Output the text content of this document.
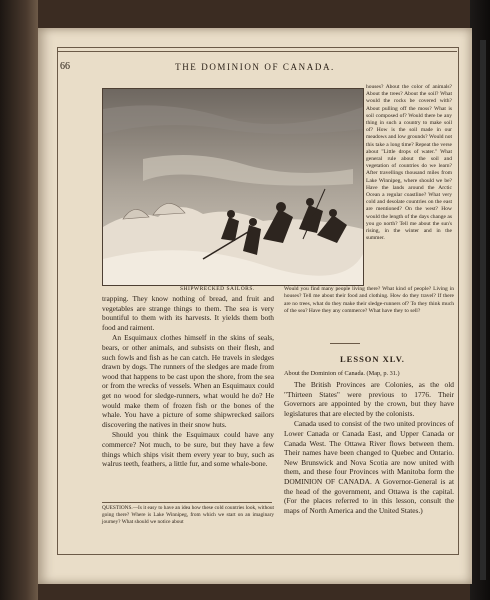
66	THE DOMINION OF CANADA.
SHIPWRECKED SAILORS.
houses? About the color of animals? About the trees? About the soil? What would the rocks be covered with? About pulling off the moss? What is soil composed of? Would there be any thing in such a country to make soil of? How is the soil made in our meadows and low grounds? Would not this take a long time? Repeat the verse about "Little drops of water." What general rule about the soil and vegetation of countries do we learn? After travellings thousand miles from Lake Winnipeg, where should we be? Have the lands around the Arctic Ocean a regular coastline? What very cold and desolate countries on the east are mentioned? On the west? How would the length of the days change as you go north? Tell me about the sun's rising, in the winter and in the summer.
Would you find many people living there? What kind of people? Living in houses? Tell me about their food and clothing. How do they travel? If there are no trees, what do they make their sledge-runners of? To they think much of the sea? Have they any commerce? What have they to sell?

trapping. They know nothing of bread, and fruit and vegetables are strange things to them. The sea is very bountiful to them with its harvests. It yields them both food and raiment.

An Esquimaux clothes himself in the skins of seals, bears, or other animals, and subsists on their flesh, and such fowls and fish as he can catch. He travels in sledges drawn by dogs. The runners of the sledges are made from wood that happens to be cast upon the shore, from the sea or from the wrecks of vessels. When an Esquimaux could get no wood for sledge-runners, what would he do? He would make them of frozen fish or the bones of the whale. You have a picture of some shipwrecked sailors discovering the natives in their snow huts.

Should you think the Esquimaux could have any commerce? Not much, to be sure, but they have a few things which ships visit them every year to buy, such as walrus teeth, feathers, a little fur, and some whale-bone.

QUESTIONS.—Is it easy to have an idea how these cold countries look, without going there? Where is Lake Winnipeg, from which we start on an imaginary journey? What should we notice about
LESSON XLV.
About the Dominion of Canada. (Map, p. 31.)

The British Provinces are Colonies, as the old "Thirteen States" were previous to 1776. Their Governors are appointed by the crown, but they have legislatures that are elected by the colonists.

Canada used to consist of the two united provinces of Lower Canada or Canada East, and Upper Canada or Canada West. The Ottawa River flows between them. Their names have been changed to Quebec and Ontario. New Brunswick and Nova Scotia are now united with them, and these four Provinces with Manitoba form the DOMINION OF CANADA. A Governor-General is at the head of the government, and Ottawa is the capital. (For the places referred to in this lesson, consult the maps of North America and the United States.)
